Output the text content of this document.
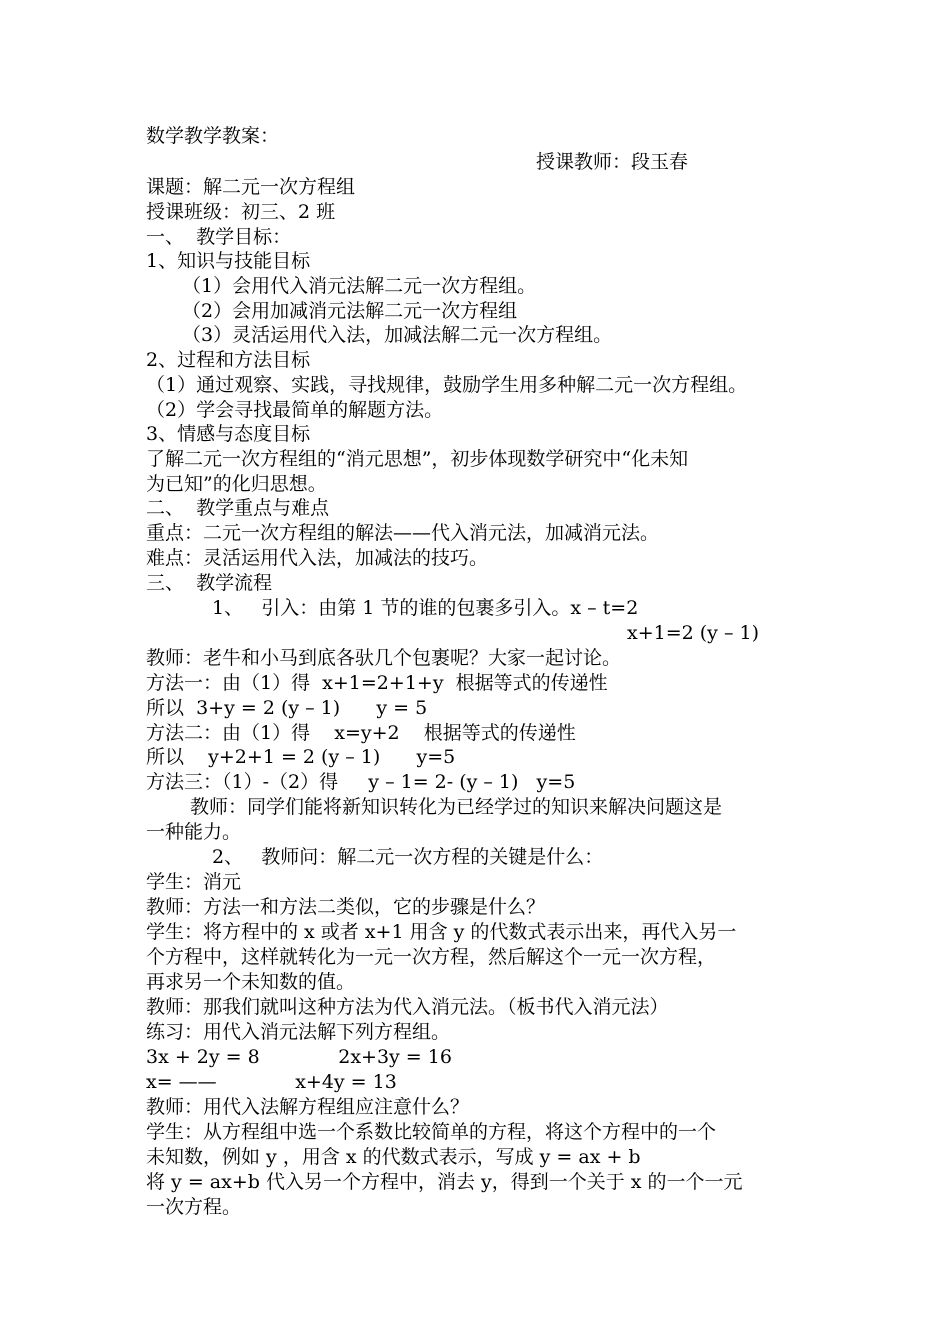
数学教学教案：
授课教师：段玉春
课题：解二元一次方程组
授课班级：初三、2 班
一、  教学目标：
1、知识与技能目标
（1）会用代入消元法解二元一次方程组。
（2）会用加减消元法解二元一次方程组
（3）灵活运用代入法，加减法解二元一次方程组。
2、过程和方法目标
（1）通过观察、实践，寻找规律，鼓励学生用多种解二元一次方程组。
（2）学会寻找最简单的解题方法。
3、情感与态度目标
了解二元一次方程组的“消元思想”，初步体现数学研究中“化未知
为已知”的化归思想。
二、  教学重点与难点
重点：二元一次方程组的解法——代入消元法，加减消元法。
难点：灵活运用代入法，加减法的技巧。
三、  教学流程
1、   引入：由第 1 节的谁的包裹多引入。x – t=2
x+1=2 (y – 1)
教师：老牛和小马到底各驮几个包裹呢？大家一起讨论。
方法一：由（1）得  x+1=2+1+y  根据等式的传递性
所以  3+y = 2 (y – 1)      y = 5
方法二：由（1）得    x=y+2    根据等式的传递性
所以    y+2+1 = 2 (y – 1)      y=5
方法三：（1）-（2）得     y – 1= 2- (y – 1)   y=5
教师：同学们能将新知识转化为已经学过的知识来解决问题这是
一种能力。
2、   教师问：解二元一次方程的关键是什么：
学生：消元
教师：方法一和方法二类似，它的步骤是什么？
学生：将方程中的 x 或者 x+1 用含 y 的代数式表示出来，再代入另一
个方程中，这样就转化为一元一次方程，然后解这个一元一次方程，
再求另一个未知数的值。
教师：那我们就叫这种方法为代入消元法。（板书代入消元法）
练习：用代入消元法解下列方程组。
3x + 2y = 8             2x+3y = 16
x= ——             x+4y = 13
教师：用代入法解方程组应注意什么？
学生：从方程组中选一个系数比较简单的方程，将这个方程中的一个
未知数，例如 y ，用含 x 的代数式表示，写成 y = ax + b
将 y = ax+b 代入另一个方程中，消去 y，得到一个关于 x 的一个一元
一次方程。
